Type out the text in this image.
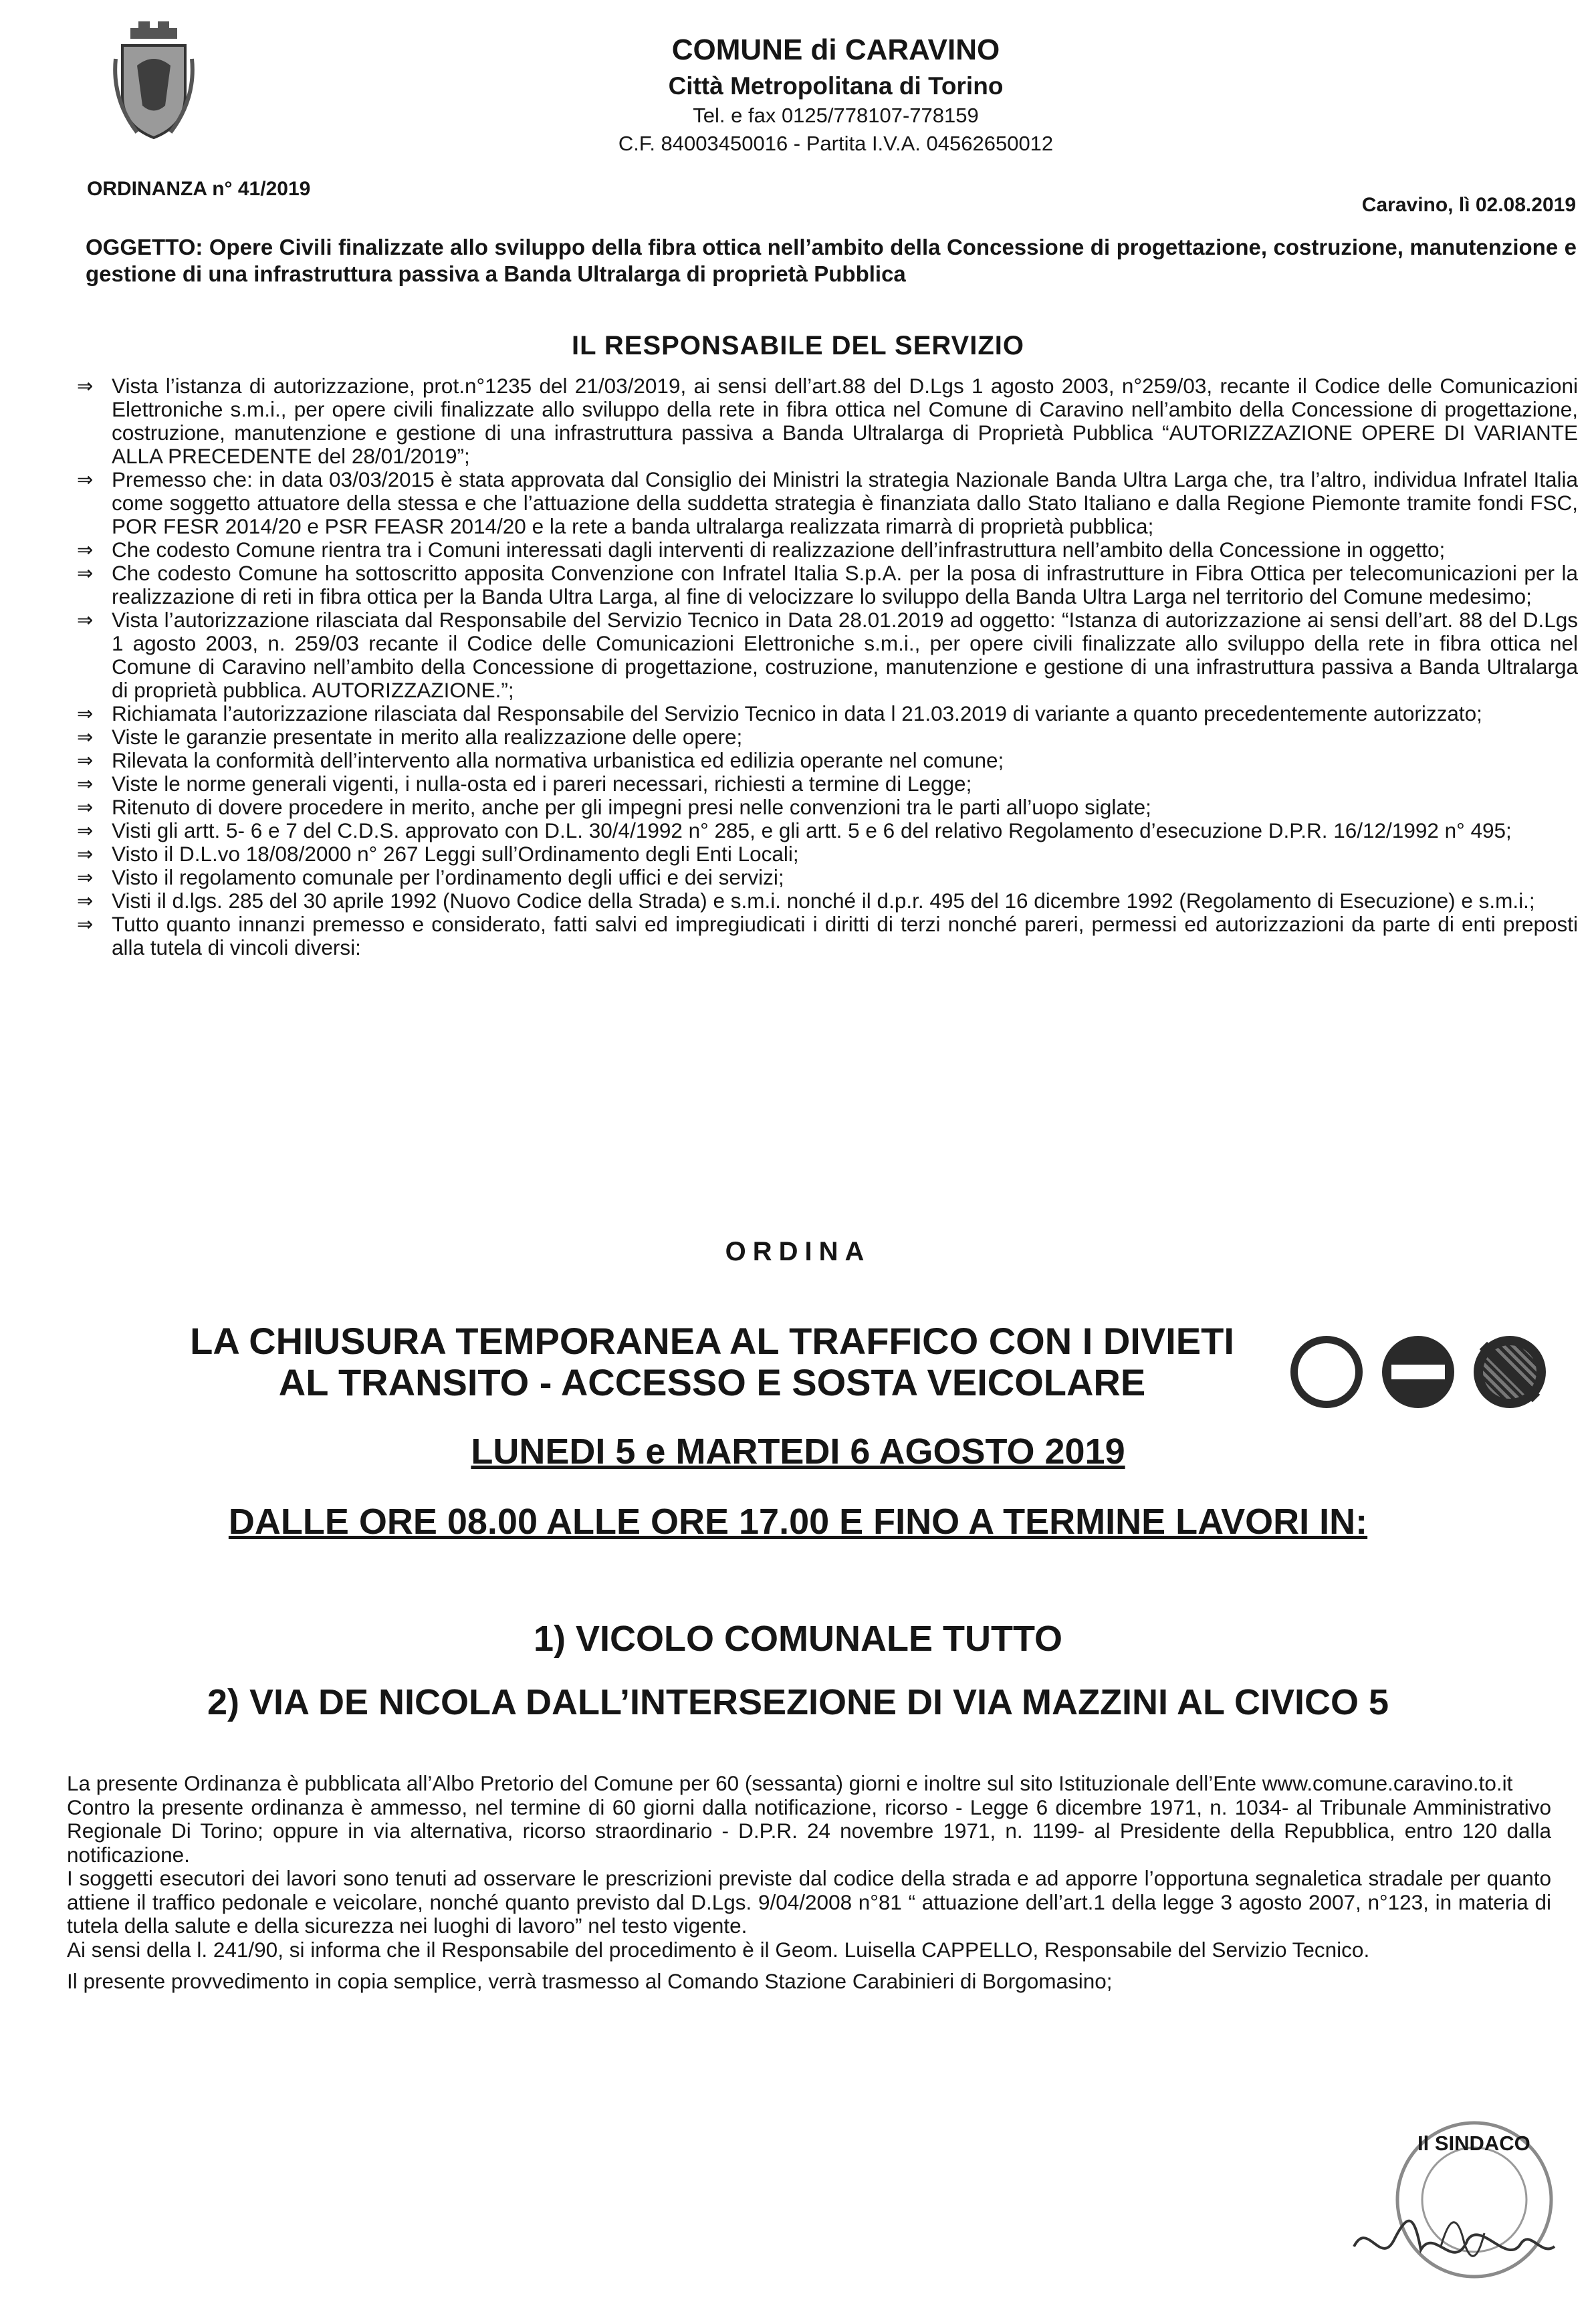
COMUNE di CARAVINO
Città Metropolitana di Torino
Tel. e fax 0125/778107-778159
C.F. 84003450016 - Partita I.V.A. 04562650012
ORDINANZA n° 41/2019
Caravino, lì 02.08.2019
OGGETTO: Opere Civili finalizzate allo sviluppo della fibra ottica nell’ambito della Concessione di progettazione, costruzione, manutenzione e gestione di una infrastruttura passiva a Banda Ultralarga di proprietà Pubblica
IL RESPONSABILE DEL SERVIZIO
⇒ Vista l’istanza di autorizzazione, prot.n°1235 del 21/03/2019, ai sensi dell’art.88 del D.Lgs 1 agosto 2003, n°259/03, recante il Codice delle Comunicazioni Elettroniche s.m.i., per opere civili finalizzate allo sviluppo della rete in fibra ottica nel Comune di Caravino nell’ambito della Concessione di progettazione, costruzione, manutenzione e gestione di una infrastruttura passiva a Banda Ultralarga di Proprietà Pubblica “AUTORIZZAZIONE OPERE DI VARIANTE ALLA PRECEDENTE del 28/01/2019”;
⇒ Premesso che: in data 03/03/2015 è stata approvata dal Consiglio dei Ministri la strategia Nazionale Banda Ultra Larga che, tra l’altro, individua Infratel Italia come soggetto attuatore della stessa e che l’attuazione della suddetta strategia è finanziata dallo Stato Italiano e dalla Regione Piemonte tramite fondi FSC, POR FESR 2014/20 e PSR FEASR 2014/20 e la rete a banda ultralarga realizzata rimarrà di proprietà pubblica;
⇒ Che codesto Comune rientra tra i Comuni interessati dagli interventi di realizzazione dell’infrastruttura nell’ambito della Concessione in oggetto;
⇒ Che codesto Comune ha sottoscritto apposita Convenzione con Infratel Italia S.p.A. per la posa di infrastrutture in Fibra Ottica per telecomunicazioni per la realizzazione di reti in fibra ottica per la Banda Ultra Larga, al fine di velocizzare lo sviluppo della Banda Ultra Larga nel territorio del Comune medesimo;
⇒ Vista l’autorizzazione rilasciata dal Responsabile del Servizio Tecnico in Data 28.01.2019 ad oggetto: “Istanza di autorizzazione ai sensi dell’art. 88 del D.Lgs 1 agosto 2003, n. 259/03 recante il Codice delle Comunicazioni Elettroniche s.m.i., per opere civili finalizzate allo sviluppo della rete in fibra ottica nel Comune di Caravino nell’ambito della Concessione di progettazione, costruzione, manutenzione e gestione di una infrastruttura passiva a Banda Ultralarga di proprietà pubblica. AUTORIZZAZIONE.”;
⇒ Richiamata l’autorizzazione rilasciata dal Responsabile del Servizio Tecnico in data l 21.03.2019 di variante a quanto precedentemente autorizzato;
⇒ Viste le garanzie presentate in merito alla realizzazione delle opere;
⇒ Rilevata la conformità dell’intervento alla normativa urbanistica ed edilizia operante nel comune;
⇒ Viste le norme generali vigenti, i nulla-osta ed i pareri necessari, richiesti a termine di Legge;
⇒ Ritenuto di dovere procedere in merito, anche per gli impegni presi nelle convenzioni tra le parti all’uopo siglate;
⇒ Visti gli artt. 5- 6 e 7 del C.D.S. approvato con D.L. 30/4/1992 n° 285, e gli artt. 5 e 6 del relativo Regolamento d’esecuzione D.P.R. 16/12/1992 n° 495;
⇒ Visto il D.L.vo 18/08/2000 n° 267 Leggi sull’Ordinamento degli Enti Locali;
⇒ Visto il regolamento comunale per l’ordinamento degli uffici e dei servizi;
⇒ Visti il d.lgs. 285 del 30 aprile 1992 (Nuovo Codice della Strada) e s.m.i. nonché il d.p.r. 495 del 16 dicembre 1992 (Regolamento di Esecuzione) e s.m.i.;
⇒ Tutto quanto innanzi premesso e considerato, fatti salvi ed impregiudicati i diritti di terzi nonché pareri, permessi ed autorizzazioni da parte di enti preposti alla tutela di vincoli diversi:
ORDINA
LA CHIUSURA TEMPORANEA AL TRAFFICO CON I DIVIETI
AL TRANSITO - ACCESSO E SOSTA VEICOLARE
LUNEDI 5 e MARTEDI 6 AGOSTO 2019
DALLE ORE 08.00 ALLE ORE 17.00 E FINO A TERMINE LAVORI IN:
1) VICOLO COMUNALE TUTTO
2) VIA DE NICOLA DALL’INTERSEZIONE DI VIA MAZZINI AL CIVICO 5

La presente Ordinanza è pubblicata all’Albo Pretorio del Comune per 60 (sessanta) giorni e inoltre sul sito Istituzionale dell’Ente www.comune.caravino.to.it

Contro la presente ordinanza è ammesso, nel termine di 60 giorni dalla notificazione, ricorso - Legge 6 dicembre 1971, n. 1034- al Tribunale Amministrativo Regionale Di Torino; oppure in via alternativa, ricorso straordinario - D.P.R. 24 novembre 1971, n. 1199- al Presidente della Repubblica, entro 120 dalla notificazione.

I soggetti esecutori dei lavori sono tenuti ad osservare le prescrizioni previste dal codice della strada e ad apporre l’opportuna segnaletica stradale per quanto attiene il traffico pedonale e veicolare, nonché quanto previsto dal D.Lgs. 9/04/2008 n°81 “ attuazione dell’art.1 della legge 3 agosto 2007, n°123, in materia di tutela della salute e della sicurezza nei luoghi di lavoro” nel testo vigente.

Ai sensi della l. 241/90, si informa che il Responsabile del procedimento è il Geom. Luisella CAPPELLO, Responsabile del Servizio Tecnico.

Il presente provvedimento in copia semplice, verrà trasmesso al Comando Stazione Carabinieri di Borgomasino;

Il SINDACO
